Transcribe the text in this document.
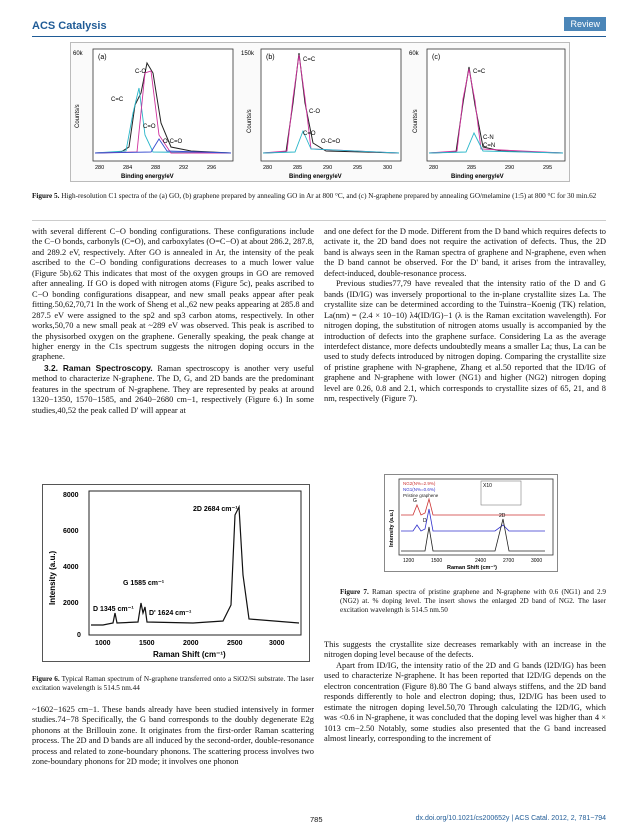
ACS Catalysis	Review
60k (a)
C-O
C=C
C=O
O-C=O
280	284	288	292	296
Binding energy/eV
Counts/s
150k (b)	C=C
C-O
C=O
O-C=O
280	285	290	295	300
Binding energy/eV
Counts/s
60k (c)
C=C
C-N
C=N
280	285	290	295
Binding energy/eV
Counts/s
Figure 5. High-resolution C1 spectra of the (a) GO, (b) graphene prepared by annealing GO in Ar at 800 °C, and (c) N-graphene prepared by annealing GO/melamine (1:5) at 800 °C for 30 min.62

with several different C−O bonding configurations. These configurations include the C−O bonds, carbonyls (C=O), and carboxylates (O=C−O) at about 286.2, 287.8, and 289.2 eV, respectively. After GO is annealed in Ar, the intensity of the peak ascribed to the C−O bonding configurations decreases to a much lower value (Figure 5b).62 This indicates that most of the oxygen groups in GO are removed after annealing. If GO is doped with nitrogen atoms (Figure 5c), peaks ascribed to C−O bonding configurations disappear, and new small peaks appear after peak fitting.50,62,70,71 In the work of Sheng et al.,62 new peaks appearing at 285.8 and 287.5 eV were assigned to the sp2 and sp3 carbon atoms, respectively. In other works,50,70 a new small peak at ~289 eV was observed. This peak is ascribed to the physisorbed oxygen on the graphene. Generally speaking, the peak change at higher energy in the C1s spectrum suggests the nitrogen doping occurs in the graphene.

3.2. Raman Spectroscopy. Raman spectroscopy is another very useful method to characterize N-graphene. The D, G, and 2D bands are the predominant features in the spectrum of N-graphene. They are represented by peaks at around 1320−1350, 1570−1585, and 2640−2680 cm−1, respectively (Figure 6.) In some studies,40,52 the peak called D' will appear at

8000
6000
4000
2000
0
2D 2684 cm⁻¹
G 1585 cm⁻¹
D 1345 cm⁻¹
D' 1624 cm⁻¹
1000	1500	2000	2500	3000
Raman Shift (cm⁻¹)
Intensity (a.u.)
Figure 6. Typical Raman spectrum of N-graphene transferred onto a SiO2/Si substrate. The laser excitation wavelength is 514.5 nm.44

~1602−1625 cm−1. These bands already have been studied intensively in former studies.74−78 Specifically, the G band corresponds to the doubly degenerate E2g phonons at the Brillouin zone. It originates from the first-order Raman scattering process. The 2D and D bands are all induced by the second-order, double-resonance process and related to zone-boundary phonons. The scattering process involves two zone-boundary phonons for 2D mode; it involves one phonon

and one defect for the D mode. Different from the D band which requires defects to activate it, the 2D band does not require the activation of defects. Thus, the 2D band is always seen in the Raman spectra of graphene and N-graphene, even when the D band cannot be observed. For the D' band, it arises from the intravalley, defect-induced, double-resonance process.

Previous studies77,79 have revealed that the intensity ratio of the D and G bands (ID/IG) was inversely proportional to the in-plane crystallite sizes La. The crystallite size can be determined according to the Tuinstra−Koenig (TK) relation, La(nm) = (2.4 × 10−10) λ4(ID/IG)−1 (λ is the Raman excitation wavelength). For nitrogen doping, the substitution of nitrogen atoms usually is accompanied by the introduction of defects into the graphene surface. Considering La as the average interdefect distance, more defects undoubtedly means a smaller La; thus, La can be used to study defects introduced by nitrogen doping. Comparing the crystallite size of pristine graphene with N-graphene, Zhang et al.50 reported that the ID/IG of graphene and N-graphene with lower (NG1) and higher (NG2) nitrogen doping level are 0.26, 0.8 and 2.1, which corresponds to crystallite sizes of 65, 21, and 8 nm, respectively (Figure 7).

NG2(N%=2.9%)
NG1(N%=0.6%)
Pristine graphene
X10
G
D
2D
1200	1500	2400	2700	3000
Raman Shift (cm⁻¹)
Intensity (a.u.)
Figure 7. Raman spectra of pristine graphene and N-graphene with 0.6 (NG1) and 2.9 (NG2) at. % doping level. The insert shows the enlarged 2D band of NG2. The laser excitation wavelength is 514.5 nm.50

This suggests the crystallite size decreases remarkably with an increase in the nitrogen doping level because of the defects.

Apart from ID/IG, the intensity ratio of the 2D and G bands (I2D/IG) has been used to characterize N-graphene. It has been reported that I2D/IG depends on the electron concentration (Figure 8).80 The G band always stiffens, and the 2D band responds differently to hole and electron doping; thus, I2D/IG has been used to estimate the nitrogen doping level.50,70 Through calculating the I2D/IG, which was <0.6 in N-graphene, it was concluded that the doping level was higher than 4 × 1013 cm−2.50 Notably, some studies also presented that the G band increased almost linearly, corresponding to the increment of

785	dx.doi.org/10.1021/cs200652y | ACS Catal. 2012, 2, 781−794
